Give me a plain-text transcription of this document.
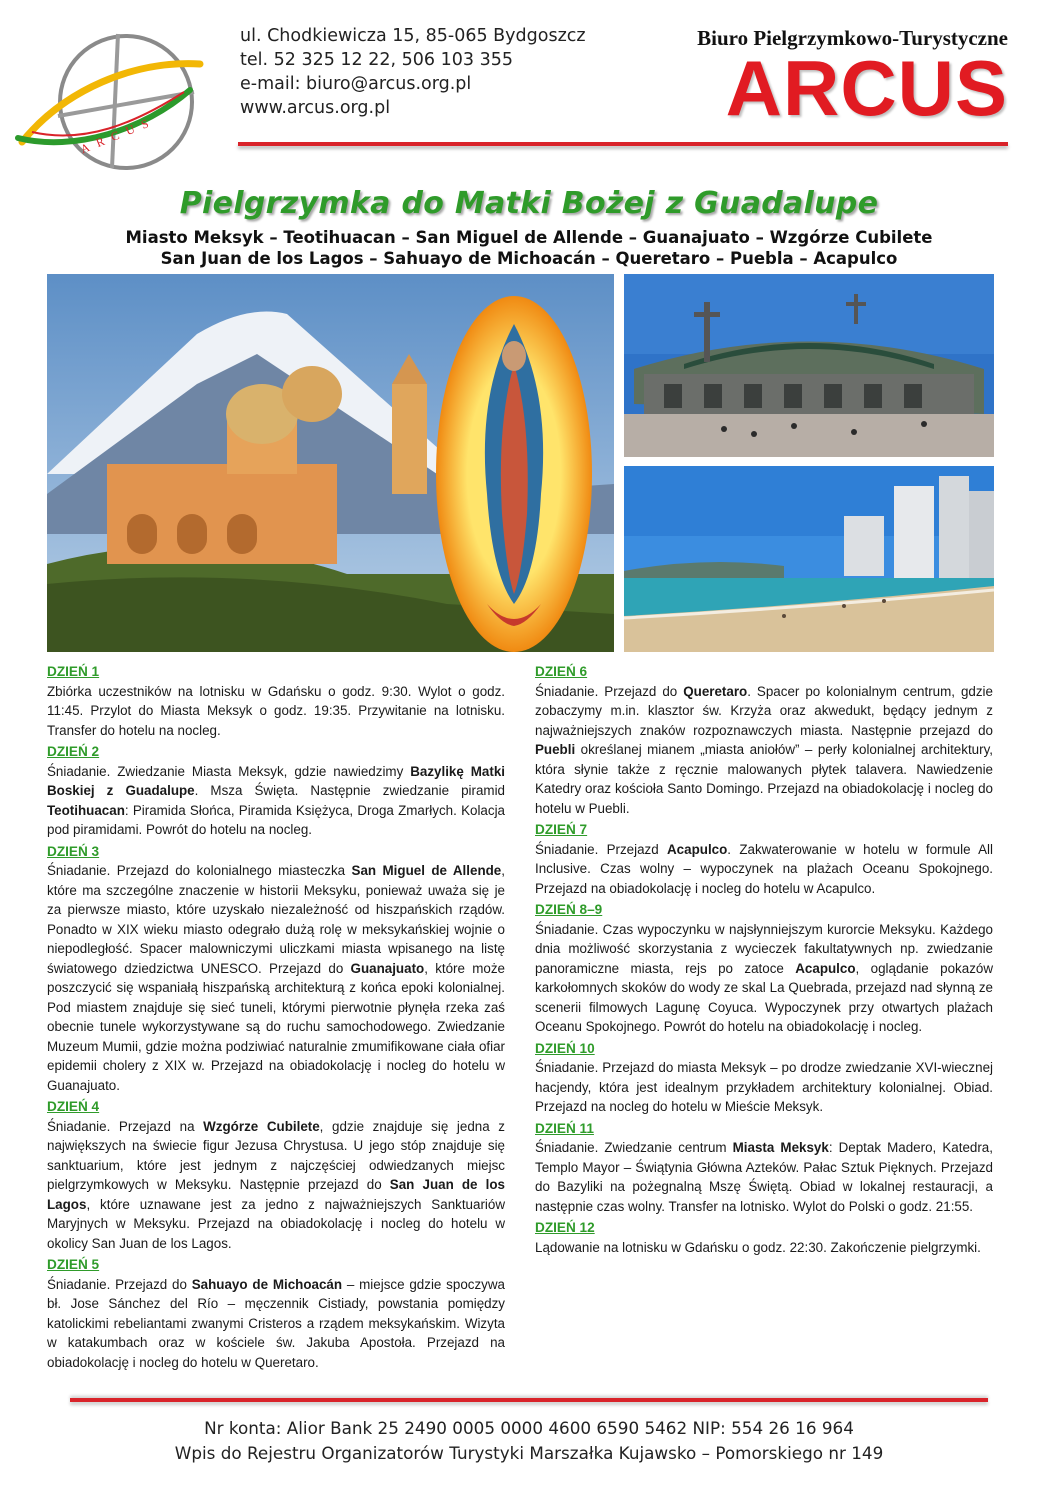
ARCUS
ul. Chodkiewicza 15, 85-065 Bydgoszcz
tel. 52 325 12 22, 506 103 355
e-mail: biuro@arcus.org.pl
www.arcus.org.pl
Biuro Pielgrzymkowo-Turystyczne
ARCUS
Pielgrzymka do Matki Bożej z Guadalupe
Miasto Meksyk – Teotihuacan – San Miguel de Allende – Guanajuato – Wzgórze Cubilete
San Juan de los Lagos – Sahuayo de Michoacán – Queretaro – Puebla – Acapulco
DZIEŃ 1

Zbiórka uczestników na lotnisku w Gdańsku o godz. 9:30. Wylot o godz. 11:45. Przylot do Miasta Meksyk o godz. 19:35. Przywitanie na lotnisku. Transfer do hotelu na nocleg.

DZIEŃ 2

Śniadanie. Zwiedzanie Miasta Meksyk, gdzie nawiedzimy Bazylikę Matki Boskiej z Guadalupe. Msza Święta. Następnie zwiedzanie piramid Teotihuacan: Piramida Słońca, Piramida Księżyca, Droga Zmarłych. Kolacja pod piramidami. Powrót do hotelu na nocleg.

DZIEŃ 3

Śniadanie. Przejazd do kolonialnego miasteczka San Miguel de Allende, które ma szczególne znaczenie w historii Meksyku, ponieważ uważa się je za pierwsze miasto, które uzyskało niezależność od hiszpańskich rządów. Ponadto w XIX wieku miasto odegrało dużą rolę w meksykańskiej wojnie o niepodległość. Spacer malowniczymi uliczkami miasta wpisanego na listę światowego dziedzictwa UNESCO. Przejazd do Guanajuato, które może poszczycić się wspaniałą hiszpańską architekturą z końca epoki kolonialnej. Pod miastem znajduje się sieć tuneli, którymi pierwotnie płynęła rzeka zaś obecnie tunele wykorzystywane są do ruchu samochodowego. Zwiedzanie Muzeum Mumii, gdzie można podziwiać naturalnie zmumifikowane ciała ofiar epidemii cholery z XIX w. Przejazd na obiadokolację i nocleg do hotelu w Guanajuato.

DZIEŃ 4

Śniadanie. Przejazd na Wzgórze Cubilete, gdzie znajduje się jedna z największych na świecie figur Jezusa Chrystusa. U jego stóp znajduje się sanktuarium, które jest jednym z najczęściej odwiedzanych miejsc pielgrzymkowych w Meksyku. Następnie przejazd do San Juan de los Lagos, które uznawane jest za jedno z najważniejszych Sanktuariów Maryjnych w Meksyku. Przejazd na obiadokolację i nocleg do hotelu w okolicy San Juan de los Lagos.

DZIEŃ 5

Śniadanie. Przejazd do Sahuayo de Michoacán – miejsce gdzie spoczywa bł. Jose Sánchez del Río – męczennik Cistiady, powstania pomiędzy katolickimi rebeliantami zwanymi Cristeros a rządem meksykańskim. Wizyta w katakumbach oraz w kościele św. Jakuba Apostoła. Przejazd na obiadokolację i nocleg do hotelu w Queretaro.

DZIEŃ 6

Śniadanie. Przejazd do Queretaro. Spacer po kolonialnym centrum, gdzie zobaczymy m.in. klasztor św. Krzyża oraz akwedukt, będący jednym z najważniejszych znaków rozpoznawczych miasta. Następnie przejazd do Puebli określanej mianem „miasta aniołów” – perły kolonialnej architektury, która słynie także z ręcznie malowanych płytek talavera. Nawiedzenie Katedry oraz kościoła Santo Domingo. Przejazd na obiadokolację i nocleg do hotelu w Puebli.

DZIEŃ 7

Śniadanie. Przejazd Acapulco. Zakwaterowanie w hotelu w formule All Inclusive. Czas wolny – wypoczynek na plażach Oceanu Spokojnego. Przejazd na obiadokolację i nocleg do hotelu w Acapulco.

DZIEŃ 8–9

Śniadanie. Czas wypoczynku w najsłynniejszym kurorcie Meksyku. Każdego dnia możliwość skorzystania z wycieczek fakultatywnych np. zwiedzanie panoramiczne miasta, rejs po zatoce Acapulco, oglądanie pokazów karkołomnych skoków do wody ze skal La Quebrada, przejazd nad słynną ze scenerii filmowych Lagunę Coyuca. Wypoczynek przy otwartych plażach Oceanu Spokojnego. Powrót do hotelu na obiadokolację i nocleg.

DZIEŃ 10

Śniadanie. Przejazd do miasta Meksyk – po drodze zwiedzanie XVI-wiecznej hacjendy, która jest idealnym przykładem architektury kolonialnej. Obiad. Przejazd na nocleg do hotelu w Mieście Meksyk.

DZIEŃ 11

Śniadanie. Zwiedzanie centrum Miasta Meksyk: Deptak Madero, Katedra, Templo Mayor – Świątynia Główna Azteków. Pałac Sztuk Pięknych. Przejazd do Bazyliki na pożegnalną Mszę Świętą. Obiad w lokalnej restauracji, a następnie czas wolny. Transfer na lotnisko. Wylot do Polski o godz. 21:55.

DZIEŃ 12

Lądowanie na lotnisku w Gdańsku o godz. 22:30. Zakończenie pielgrzymki.

Nr konta: Alior Bank 25 2490 0005 0000 4600 6590 5462 NIP: 554 26 16 964
Wpis do Rejestru Organizatorów Turystyki Marszałka Kujawsko – Pomorskiego nr 149
